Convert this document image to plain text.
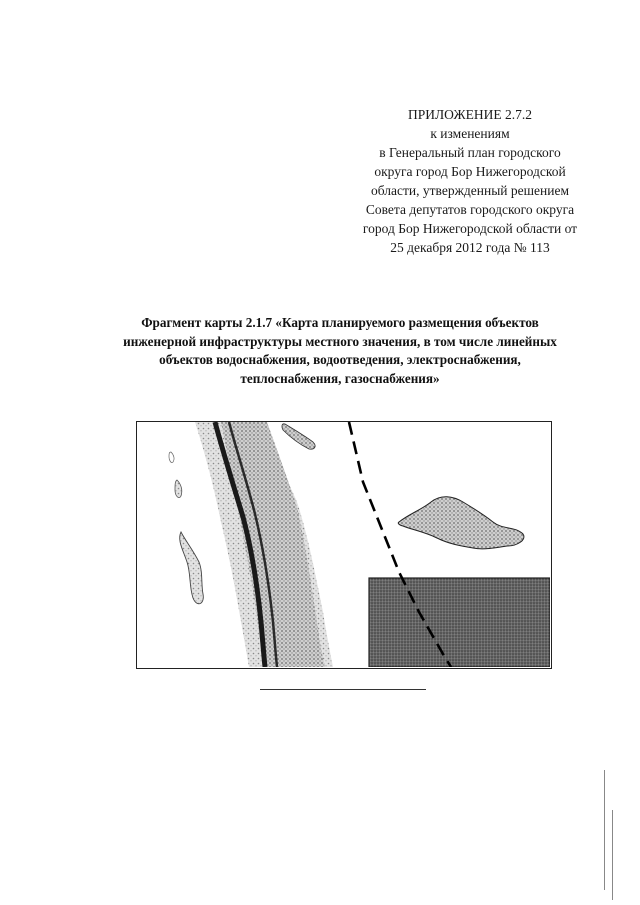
ПРИЛОЖЕНИЕ 2.7.2
к изменениям
в Генеральный план городского
округа город Бор Нижегородской
области, утвержденный решением
Совета депутатов городского округа
город Бор Нижегородской области от
25 декабря 2012 года № 113
Фрагмент карты 2.1.7 «Карта планируемого размещения объектов
инженерной инфраструктуры местного значения, в том числе линейных
объектов водоснабжения, водоотведения, электроснабжения,
теплоснабжения, газоснабжения»
